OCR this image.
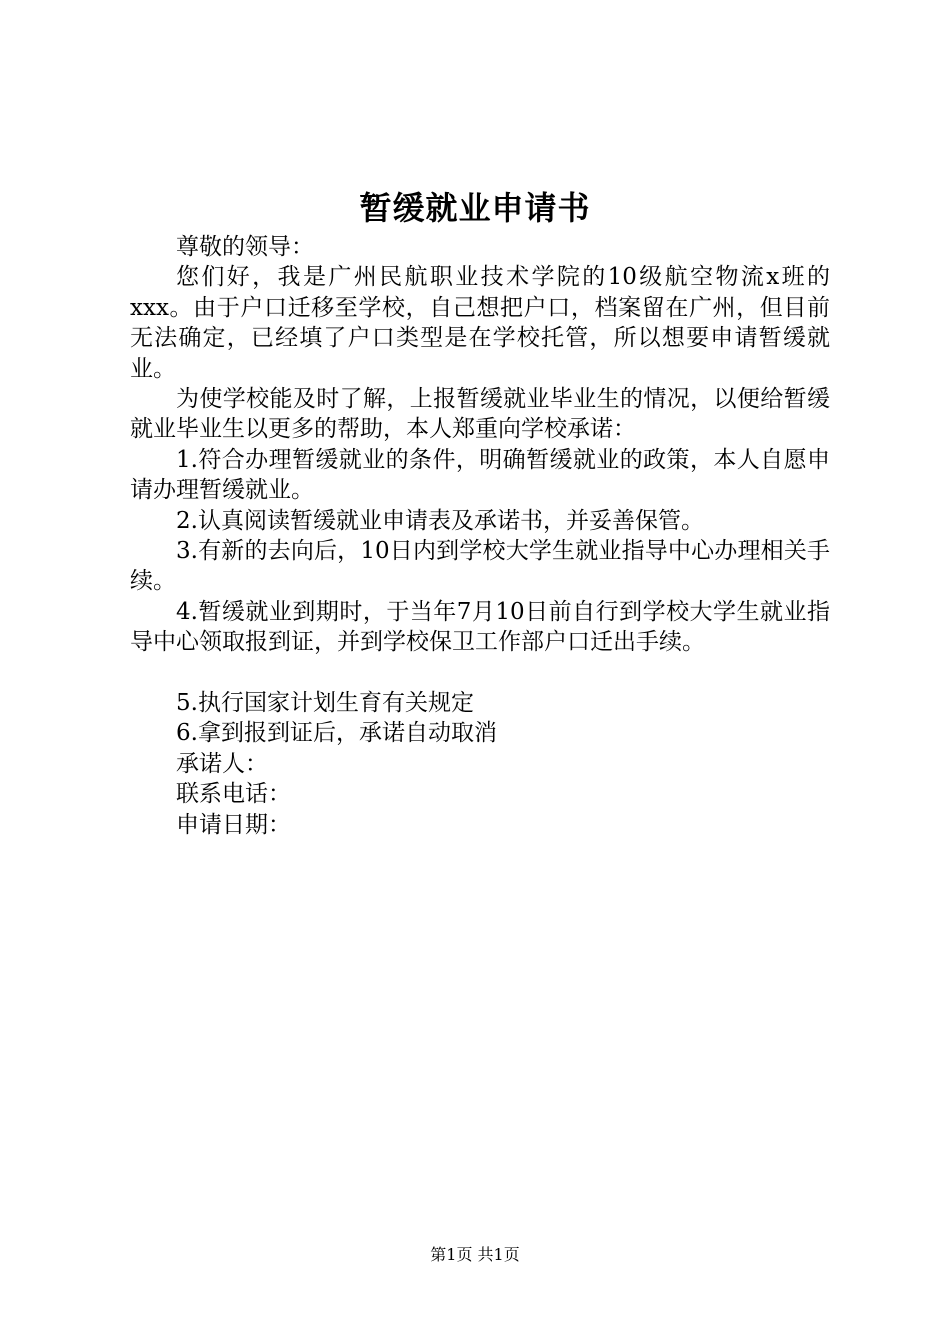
暂缓就业申请书

尊敬的领导：

您们好，我是广州民航职业技术学院的10级航空物流x班的xxx。由于户口迁移至学校，自己想把户口，档案留在广州，但目前无法确定，已经填了户口类型是在学校托管，所以想要申请暂缓就业。

为使学校能及时了解，上报暂缓就业毕业生的情况，以便给暂缓就业毕业生以更多的帮助，本人郑重向学校承诺：

1.符合办理暂缓就业的条件，明确暂缓就业的政策，本人自愿申请办理暂缓就业。

2.认真阅读暂缓就业申请表及承诺书，并妥善保管。

3.有新的去向后，10日内到学校大学生就业指导中心办理相关手续。

4.暂缓就业到期时，于当年7月10日前自行到学校大学生就业指导中心领取报到证，并到学校保卫工作部户口迁出手续。

5.执行国家计划生育有关规定

6.拿到报到证后，承诺自动取消

承诺人：

联系电话：

申请日期：

第1页 共1页
